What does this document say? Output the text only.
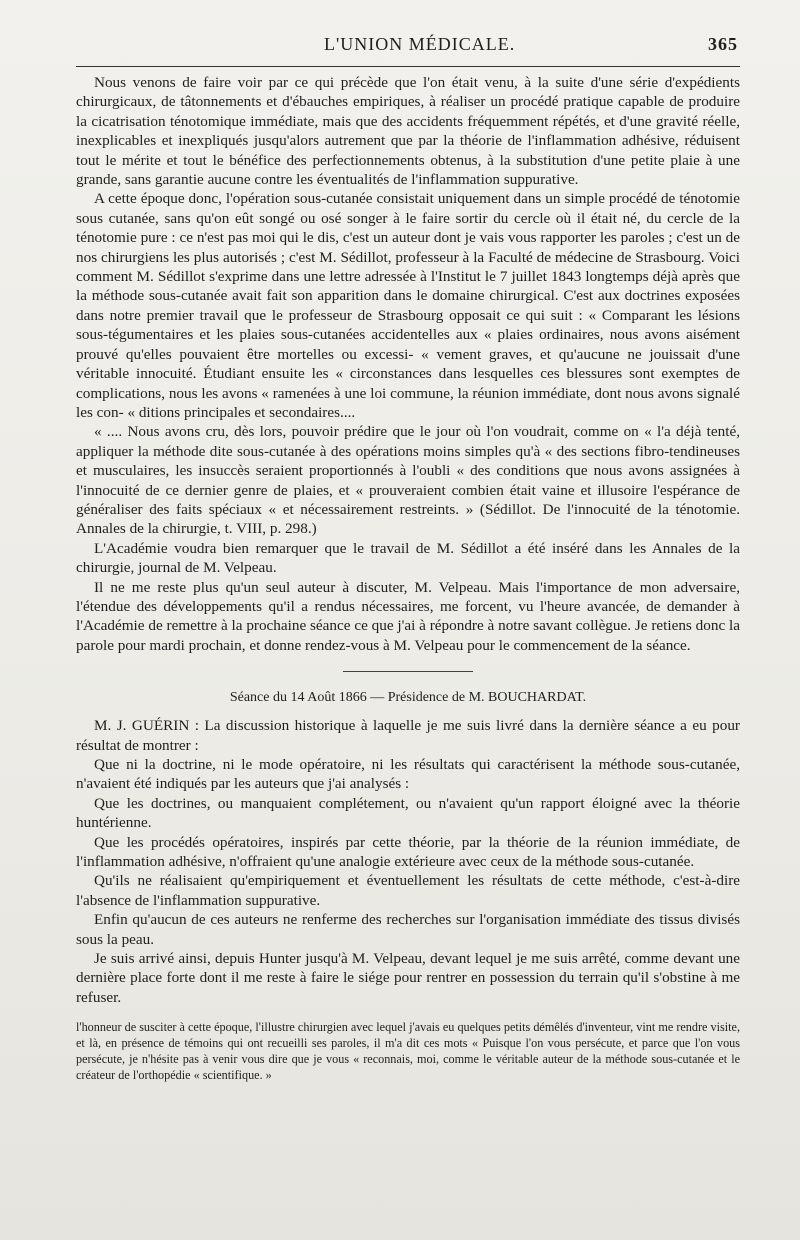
L'UNION MÉDICALE.	365

Nous venons de faire voir par ce qui précède que l'on était venu, à la suite d'une série d'expédients chirurgicaux, de tâtonnements et d'ébauches empiriques, à réaliser un procédé pratique capable de produire la cicatrisation ténotomique immédiate, mais que des accidents fréquemment répétés, et d'une gravité réelle, inexplicables et inexpliqués jusqu'alors autrement que par la théorie de l'inflammation adhésive, réduisent tout le mérite et tout le bénéfice des perfectionnements obtenus, à la substitution d'une petite plaie à une grande, sans garantie aucune contre les éventualités de l'inflammation suppurative.

A cette époque donc, l'opération sous-cutanée consistait uniquement dans un simple procédé de ténotomie sous cutanée, sans qu'on eût songé ou osé songer à le faire sortir du cercle où il était né, du cercle de la ténotomie pure : ce n'est pas moi qui le dis, c'est un auteur dont je vais vous rapporter les paroles ; c'est un de nos chirurgiens les plus autorisés ; c'est M. Sédillot, professeur à la Faculté de médecine de Strasbourg. Voici comment M. Sédillot s'exprime dans une lettre adressée à l'Institut le 7 juillet 1843 longtemps déjà après que la méthode sous-cutanée avait fait son apparition dans le domaine chirurgical. C'est aux doctrines exposées dans notre premier travail que le professeur de Strasbourg opposait ce qui suit : « Comparant les lésions sous-tégumentaires et les plaies sous-cutanées accidentelles aux « plaies ordinaires, nous avons aisément prouvé qu'elles pouvaient être mortelles ou excessi- « vement graves, et qu'aucune ne jouissait d'une véritable innocuité. Étudiant ensuite les « circonstances dans lesquelles ces blessures sont exemptes de complications, nous les avons « ramenées à une loi commune, la réunion immédiate, dont nous avons signalé les con- « ditions principales et secondaires....

« .... Nous avons cru, dès lors, pouvoir prédire que le jour où l'on voudrait, comme on « l'a déjà tenté, appliquer la méthode dite sous-cutanée à des opérations moins simples qu'à « des sections fibro-tendineuses et musculaires, les insuccès seraient proportionnés à l'oubli « des conditions que nous avons assignées à l'innocuité de ce dernier genre de plaies, et « prouveraient combien était vaine et illusoire l'espérance de généraliser des faits spéciaux « et nécessairement restreints. » (Sédillot. De l'innocuité de la ténotomie. Annales de la chirurgie, t. VIII, p. 298.)

L'Académie voudra bien remarquer que le travail de M. Sédillot a été inséré dans les Annales de la chirurgie, journal de M. Velpeau.

Il ne me reste plus qu'un seul auteur à discuter, M. Velpeau. Mais l'importance de mon adversaire, l'étendue des développements qu'il a rendus nécessaires, me forcent, vu l'heure avancée, de demander à l'Académie de remettre à la prochaine séance ce que j'ai à répondre à notre savant collègue. Je retiens donc la parole pour mardi prochain, et donne rendez-vous à M. Velpeau pour le commencement de la séance.

Séance du 14 Août 1866 — Présidence de M. BOUCHARDAT.

M. J. GUÉRIN : La discussion historique à laquelle je me suis livré dans la dernière séance a eu pour résultat de montrer :

Que ni la doctrine, ni le mode opératoire, ni les résultats qui caractérisent la méthode sous-cutanée, n'avaient été indiqués par les auteurs que j'ai analysés :

Que les doctrines, ou manquaient complétement, ou n'avaient qu'un rapport éloigné avec la théorie huntérienne.

Que les procédés opératoires, inspirés par cette théorie, par la théorie de la réunion immédiate, de l'inflammation adhésive, n'offraient qu'une analogie extérieure avec ceux de la méthode sous-cutanée.

Qu'ils ne réalisaient qu'empiriquement et éventuellement les résultats de cette méthode, c'est-à-dire l'absence de l'inflammation suppurative.

Enfin qu'aucun de ces auteurs ne renferme des recherches sur l'organisation immédiate des tissus divisés sous la peau.

Je suis arrivé ainsi, depuis Hunter jusqu'à M. Velpeau, devant lequel je me suis arrêté, comme devant une dernière place forte dont il me reste à faire le siége pour rentrer en possession du terrain qu'il s'obstine à me refuser.

l'honneur de susciter à cette époque, l'illustre chirurgien avec lequel j'avais eu quelques petits démêlés d'inventeur, vint me rendre visite, et là, en présence de témoins qui ont recueilli ses paroles, il m'a dit ces mots « Puisque l'on vous persécute, et parce que l'on vous persécute, je n'hésite pas à venir vous dire que je vous « reconnais, moi, comme le véritable auteur de la méthode sous-cutanée et le créateur de l'orthopédie « scientifique. »
